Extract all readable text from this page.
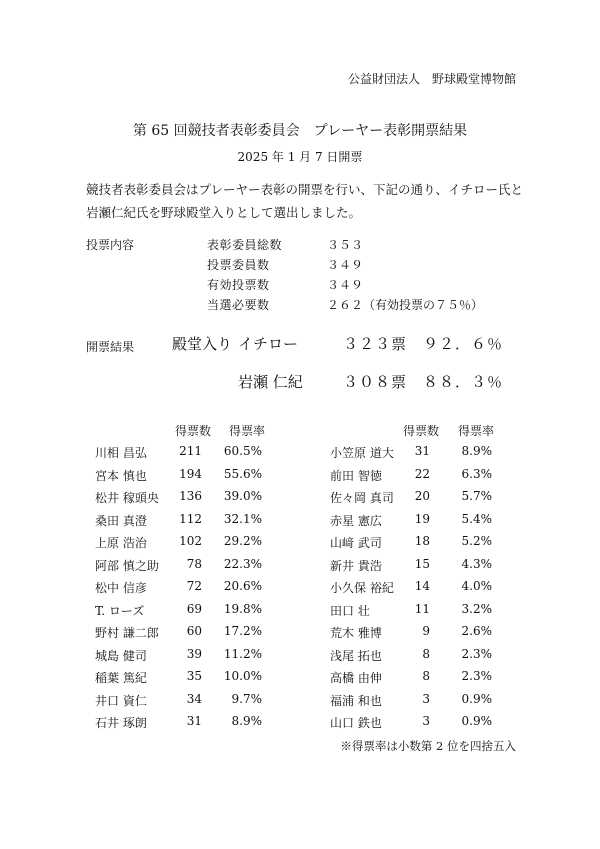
公益財団法人　野球殿堂博物館
第 65 回競技者表彰委員会　プレーヤー表彰開票結果
2025 年 1 月 7 日開票
競技者表彰委員会はプレーヤー表彰の開票を行い、下記の通り、イチロー氏と岩瀬仁紀氏を野球殿堂入りとして選出しました。
投票内容	表彰委員総数	３５３
投票委員数	３４９
有効投票数	３４９
当選必要数	２６２（有効投票の７５％）
開票結果	殿堂入り イチロー	３２３票　９２．６％
岩瀬 仁紀	３０８票　８８．３％
得票数 得票率	得票数 得票率
川相 昌弘	211	60.5%
宮本 慎也	194	55.6%
松井 稼頭央	136	39.0%
桑田 真澄	112	32.1%
上原 浩治	102	29.2%
阿部 慎之助	78	22.3%
松中 信彦	72	20.6%
T. ローズ	69	19.8%
野村 謙二郎	60	17.2%
城島 健司	39	11.2%
稲葉 篤紀	35	10.0%
井口 資仁	34	9.7%
石井 琢朗	31	8.9%
小笠原 道大	31	8.9%
前田 智徳	22	6.3%
佐々岡 真司	20	5.7%
赤星 憲広	19	5.4%
山﨑 武司	18	5.2%
新井 貴浩	15	4.3%
小久保 裕紀	14	4.0%
田口 壮	11	3.2%
荒木 雅博	9	2.6%
浅尾 拓也	8	2.3%
高橋 由伸	8	2.3%
福浦 和也	3	0.9%
山口 鉄也	3	0.9%
※得票率は小数第 2 位を四捨五入
